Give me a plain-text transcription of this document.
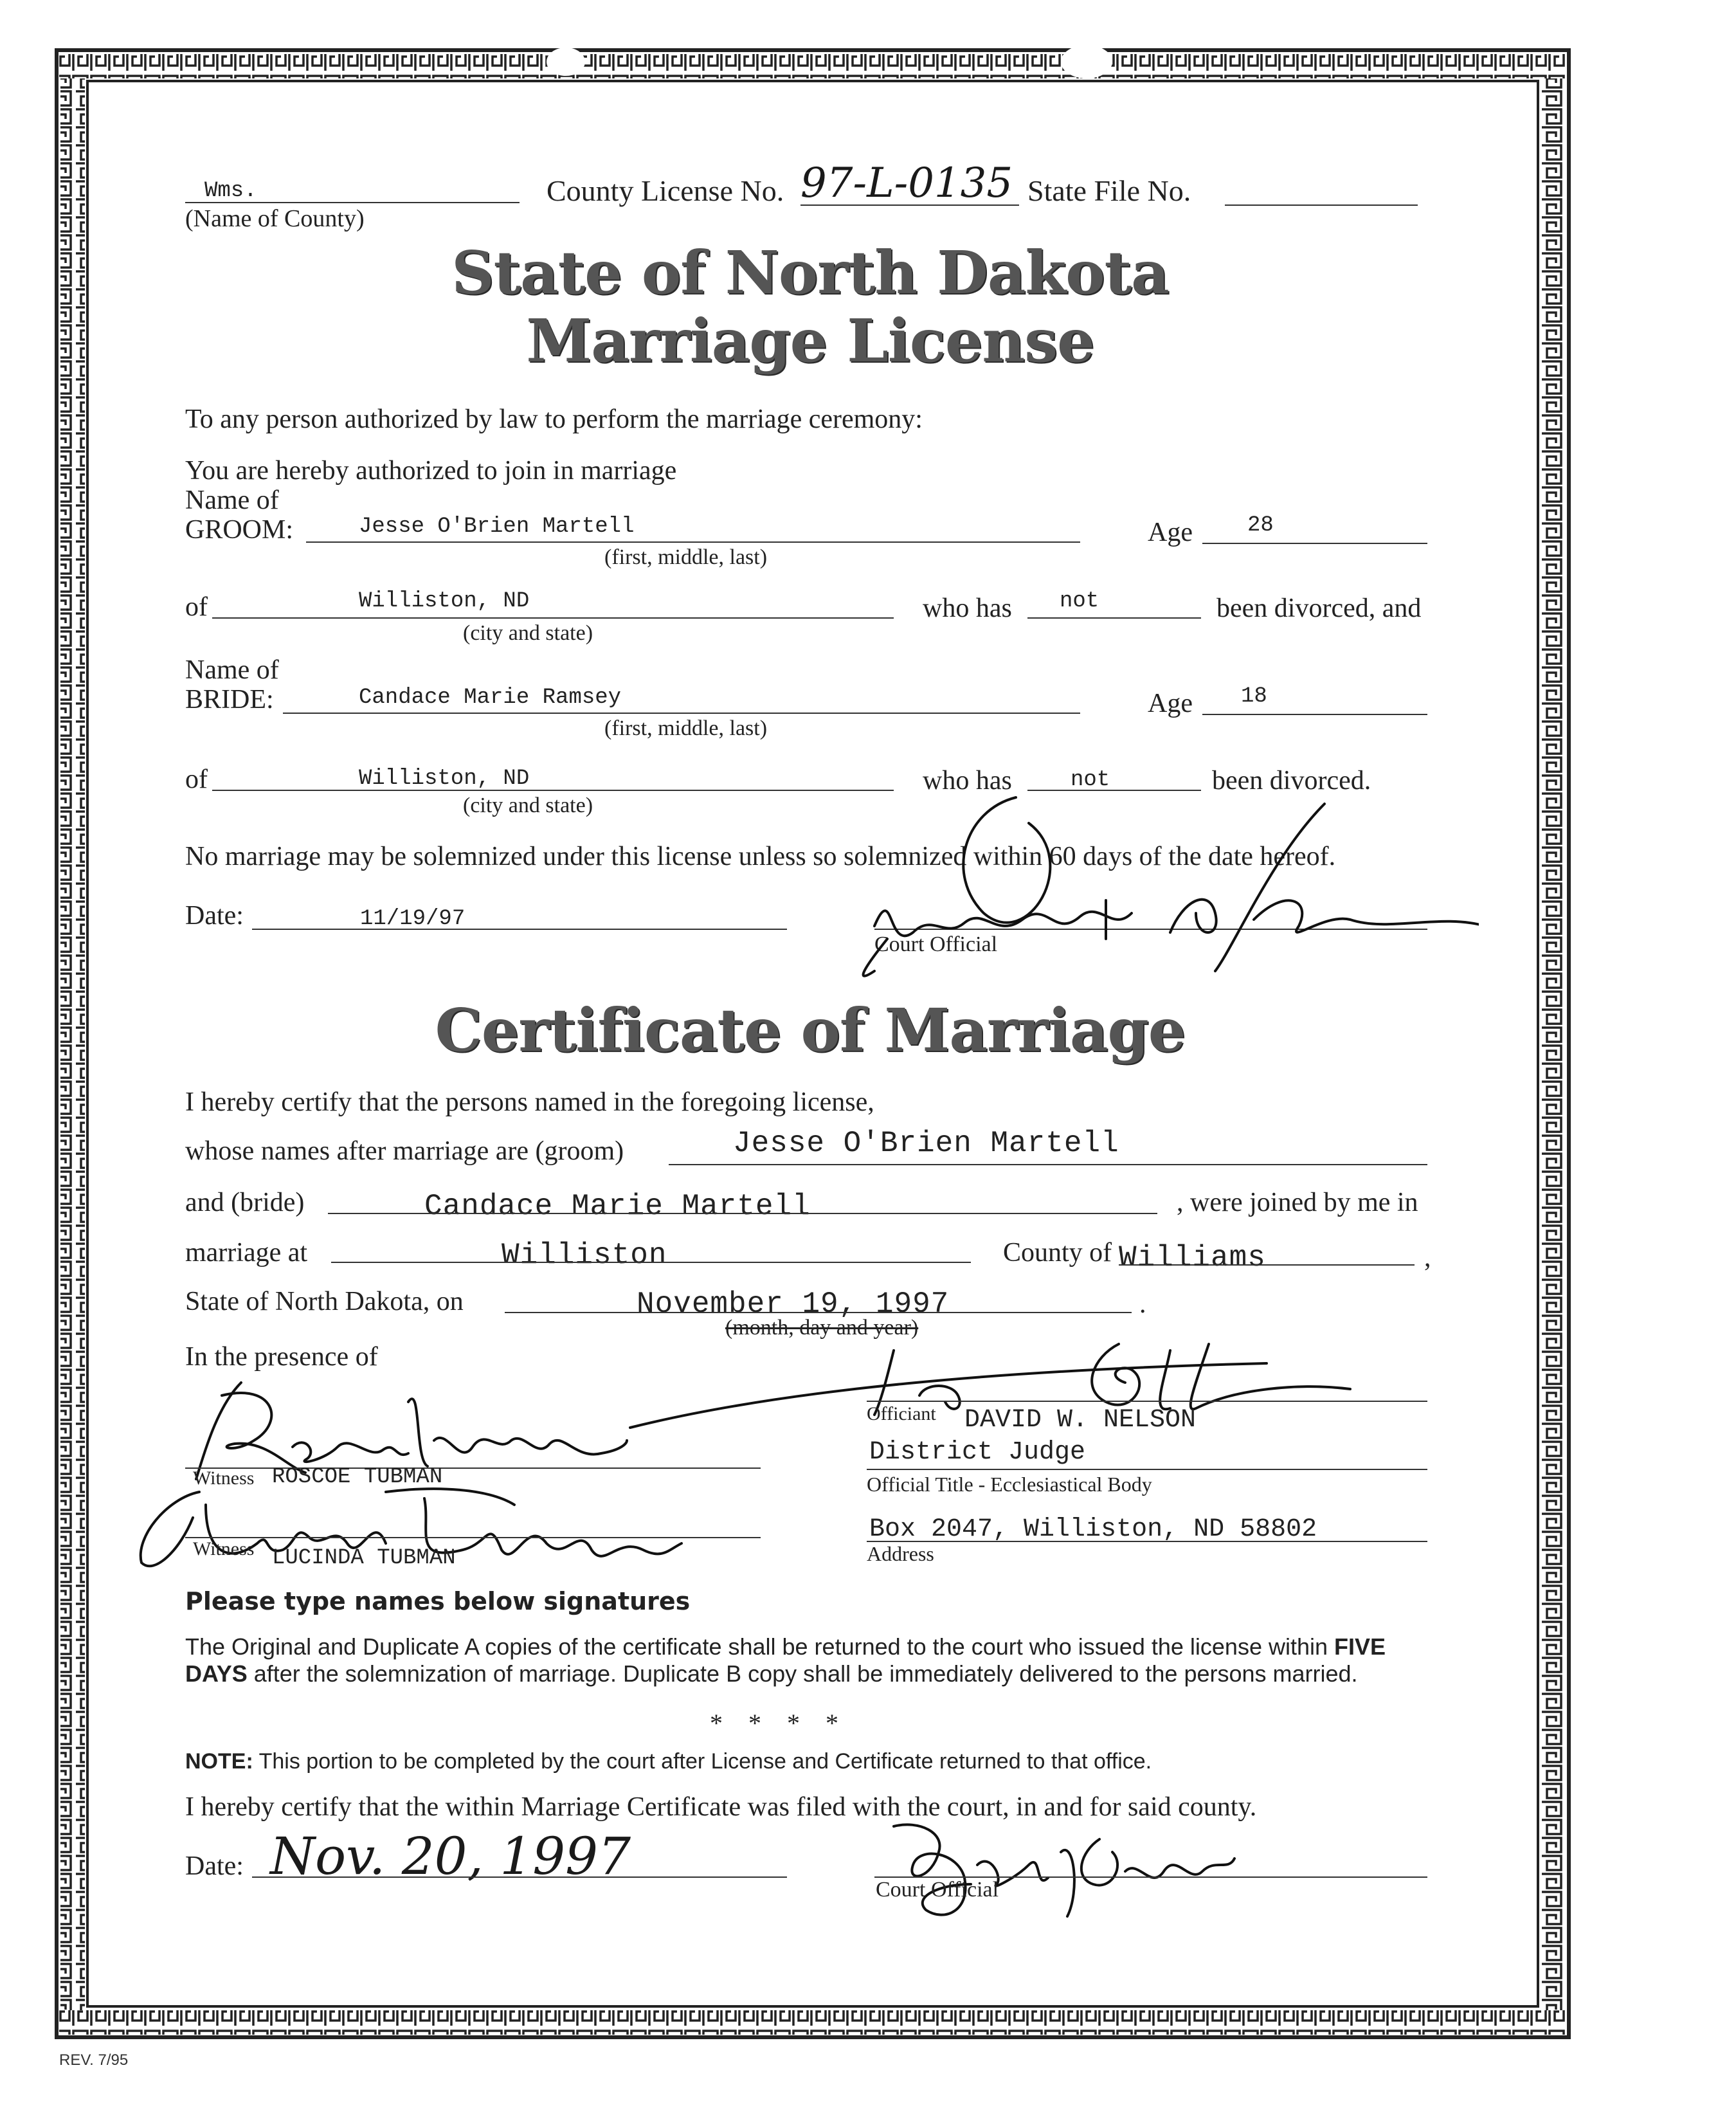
Wms.
(Name of County)
County License No. 97-L-0135 State File No.
State of North Dakota
Marriage License
To any person authorized by law to perform the marriage ceremony:
You are hereby authorized to join in marriage
Name of
GROOM:	Jesse O'Brien Martell
(first, middle, last)
Age	28
of	Williston, ND
(city and state)
who has not	been divorced, and
Name of
BRIDE:	Candace Marie Ramsey
(first, middle, last)
Age 18
of	Williston, ND
(city and state)
who has	not	been divorced.
No marriage may be solemnized under this license unless so solemnized within 60 days of the date hereof.
Date:	11/19/97
Court Official
Certificate of Marriage
I hereby certify that the persons named in the foregoing license,
whose names after marriage are (groom)	Jesse O'Brien Martell
and (bride)	Candace Marie Martell	, were joined by me in
marriage at	Williston	County of Williams	,
State of North Dakota, on	November 19, 1997	.
(month, day and year)
In the presence of
Witness ROSCOE TUBMAN
Witness LUCINDA TUBMAN
Officiant DAVID W. NELSON
District Judge
Official Title - Ecclesiastical Body
Box 2047, Williston, ND 58802
Address
Please type names below signatures
The Original and Duplicate A copies of the certificate shall be returned to the court who issued the license within FIVE DAYS after the solemnization of marriage. Duplicate B copy shall be immediately delivered to the persons married.
*    *    *    *
NOTE: This portion to be completed by the court after License and Certificate returned to that office.
I hereby certify that the within Marriage Certificate was filed with the court, in and for said county.
Date: Nov. 20, 1997
Court Official
REV. 7/95
